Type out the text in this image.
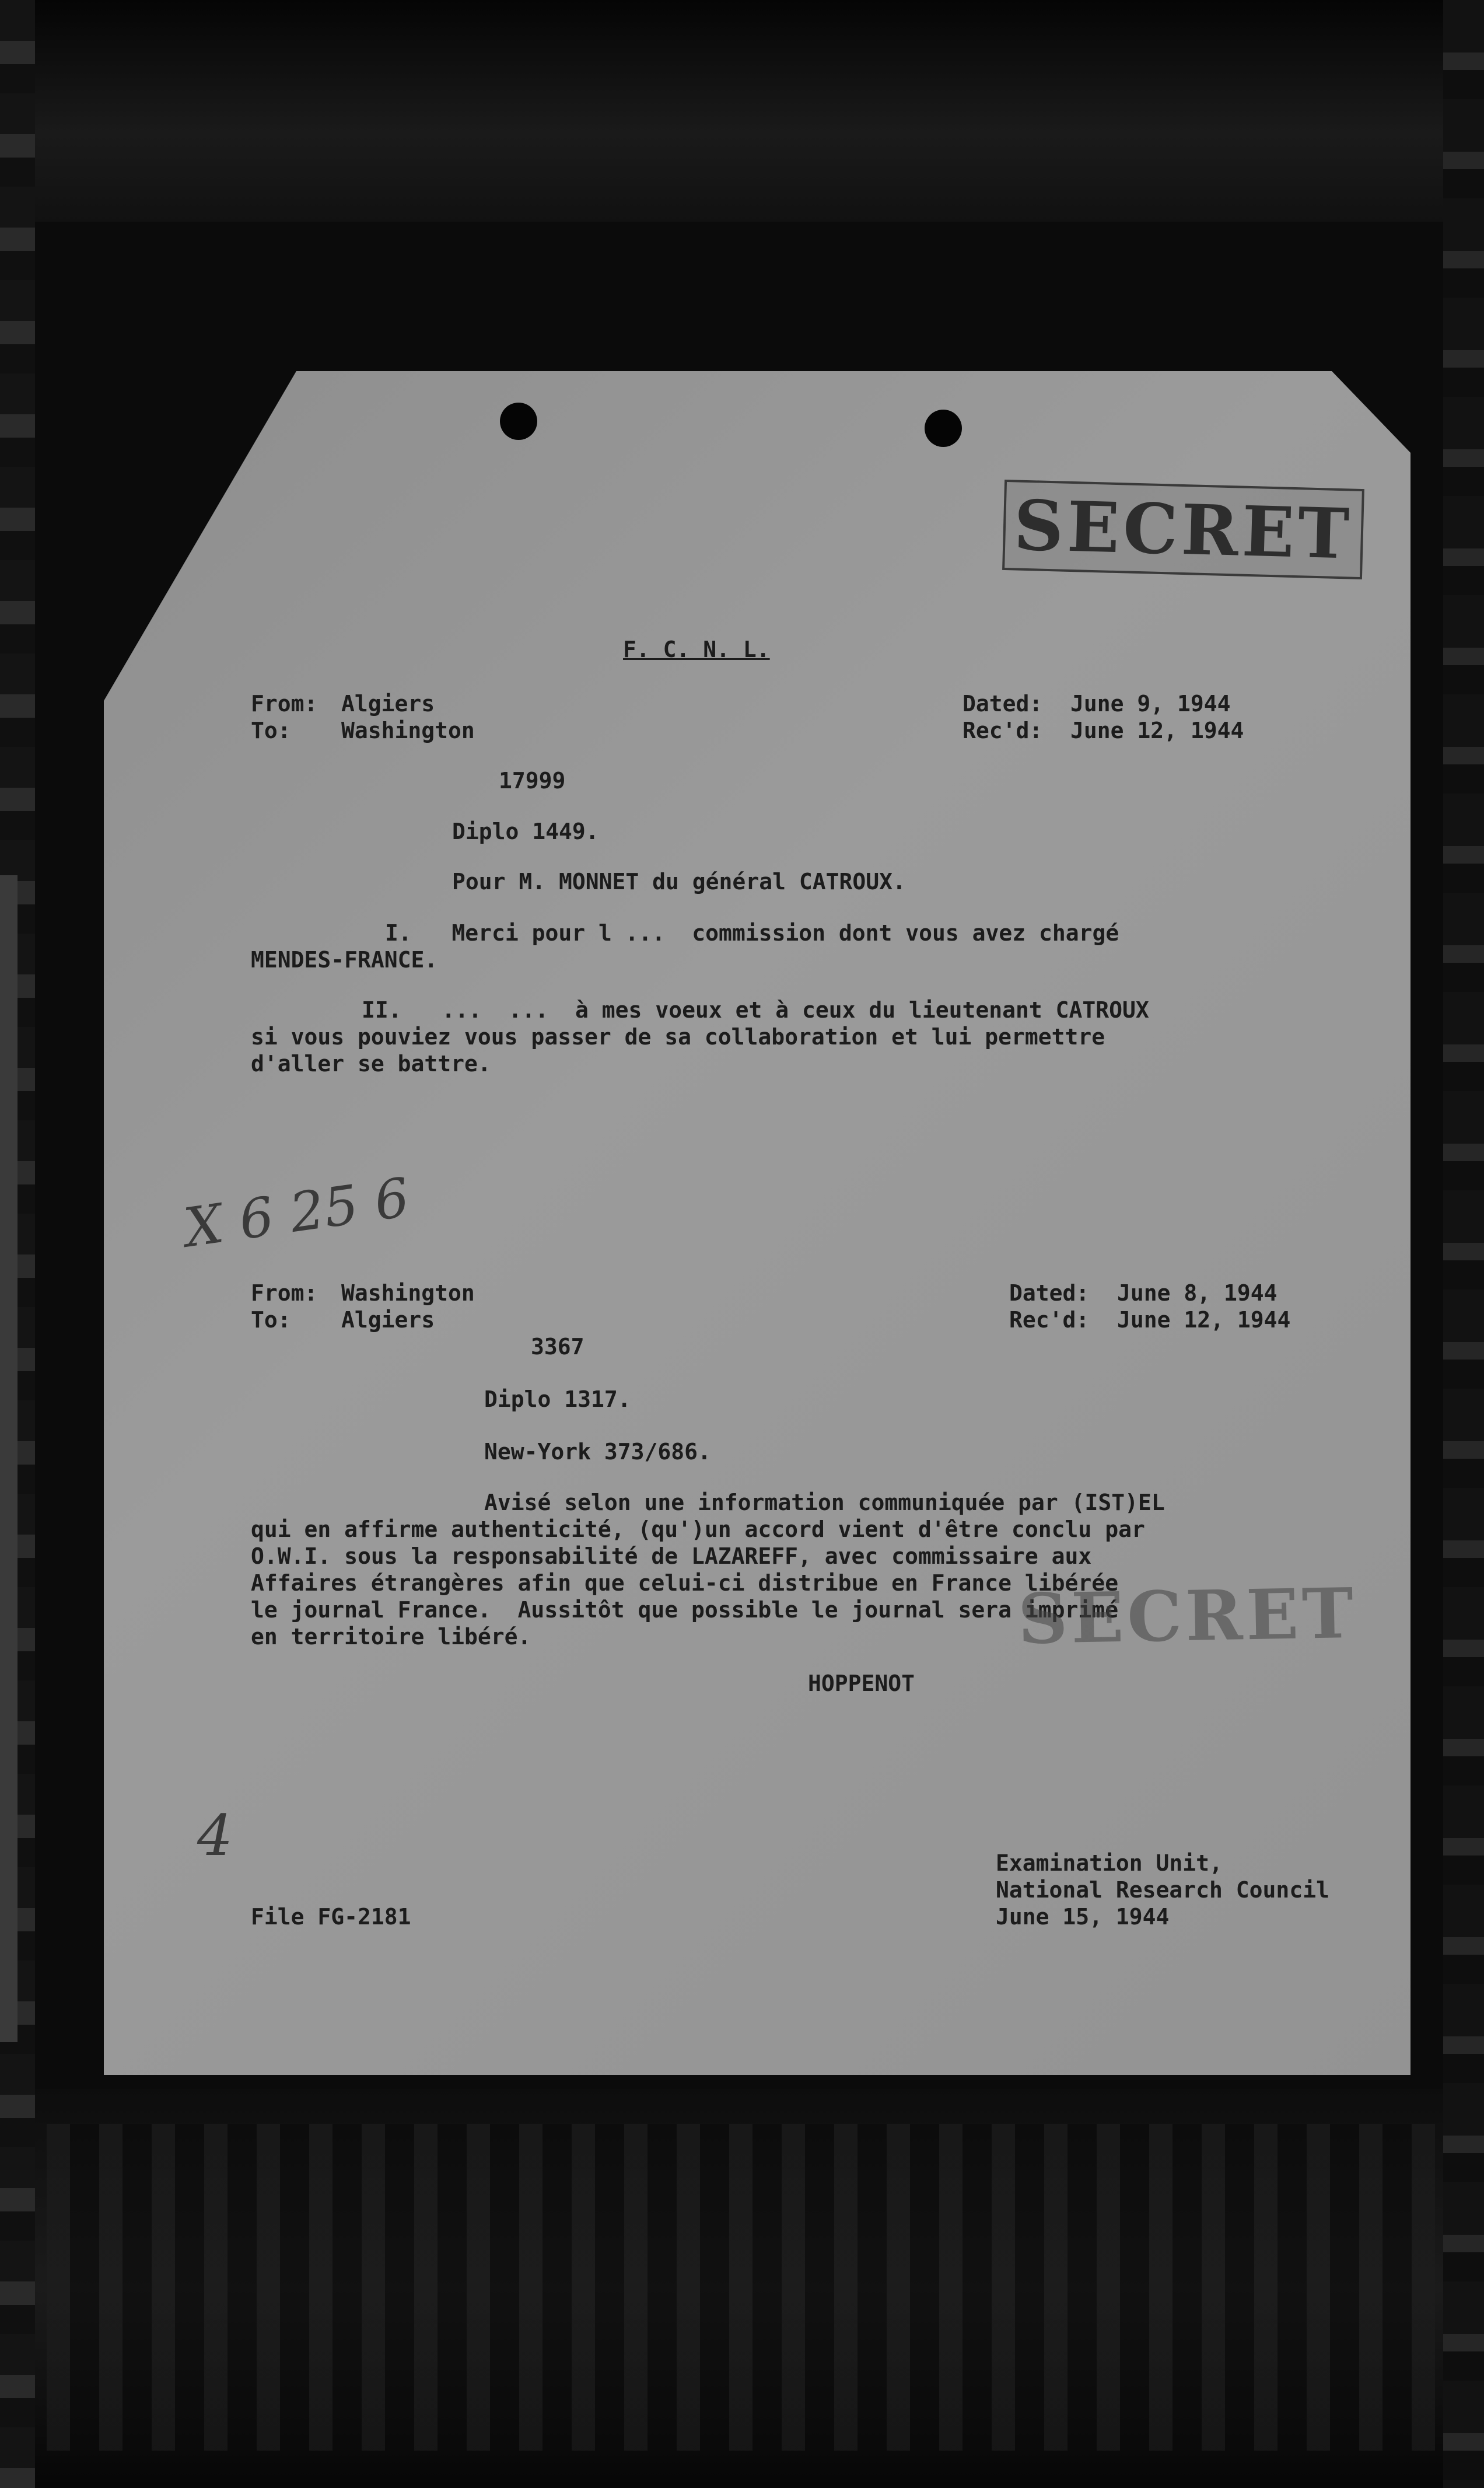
SECRET
F. C. N. L.
From: Algiers
To: Washington
Dated: June 9, 1944
Rec'd: June 12, 1944
17999
Diplo 1449.
Pour M. MONNET du général CATROUX.
I.   Merci pour l ...  commission dont vous avez chargé
MENDES-FRANCE.
II.   ...  ...  à mes voeux et à ceux du lieutenant CATROUX
si vous pouviez vous passer de sa collaboration et lui permettre
d'aller se battre.
X 6 25 6
From: Washington
To: Algiers
Dated: June 8, 1944
Rec'd: June 12, 1944
3367
Diplo 1317.
New-York 373/686.
Avisé selon une information communiquée par (IST)EL
qui en affirme authenticité, (qu')un accord vient d'être conclu par
O.W.I. sous la responsabilité de LAZAREFF, avec commissaire aux
Affaires étrangères afin que celui-ci distribue en France libérée
le journal France.  Aussitôt que possible le journal sera imprimé
en territoire libéré.	SECRET
HOPPENOT
4
File FG-2181
Examination Unit,
National Research Council
June 15, 1944
